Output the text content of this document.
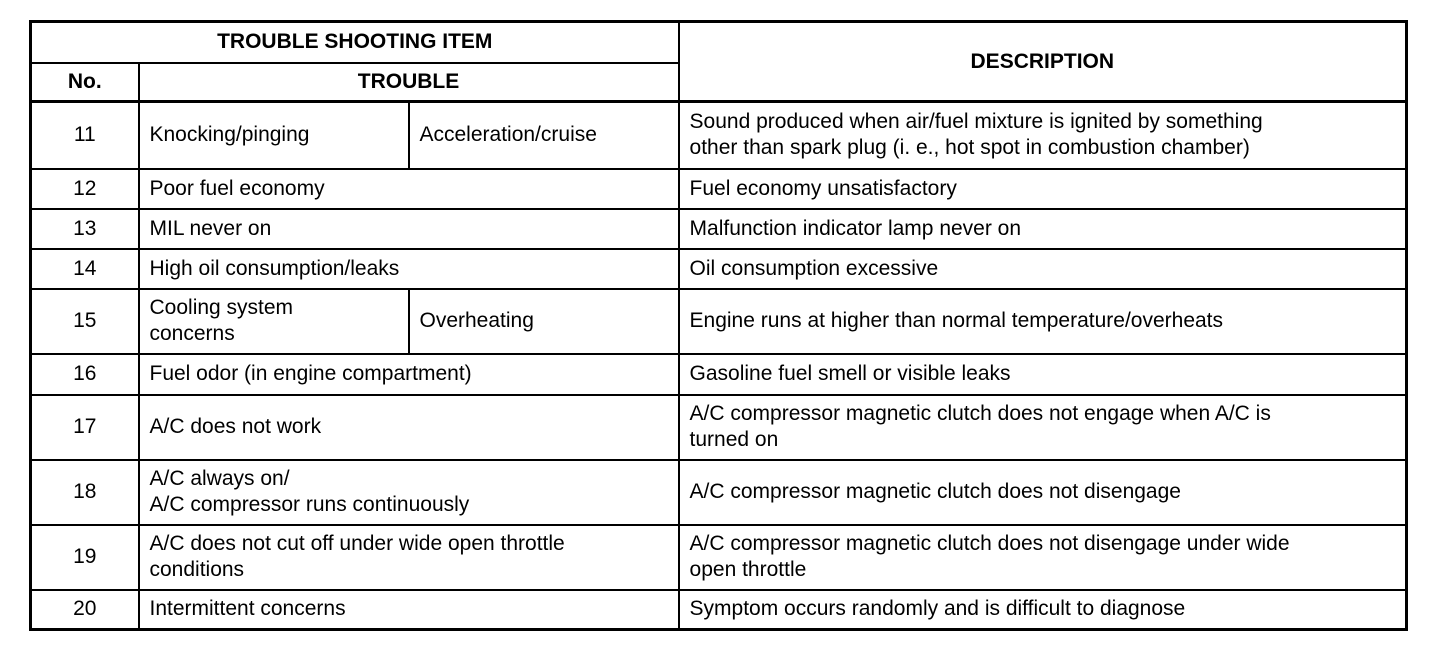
TROUBLE SHOOTING ITEM			DESCRIPTION
No.	TROUBLE		
11	Knocking/pinging	Acceleration/cruise	Sound produced when air/fuel mixture is ignited by something
other than spark plug (i. e., hot spot in combustion chamber)

12	Poor fuel economy		Fuel economy unsatisfactory

13	MIL never on		Malfunction indicator lamp never on

14	High oil consumption/leaks		Oil consumption excessive

15	Cooling system
concerns	Overheating	Engine runs at higher than normal temperature/overheats

16	Fuel odor (in engine compartment)		Gasoline fuel smell or visible leaks

17	A/C does not work		A/C compressor magnetic clutch does not engage when A/C is
turned on

18	A/C always on/
A/C compressor runs continuously		A/C compressor magnetic clutch does not disengage

19	A/C does not cut off under wide open throttle
conditions		A/C compressor magnetic clutch does not disengage under wide
open throttle

20	Intermittent concerns		Symptom occurs randomly and is difficult to diagnose
